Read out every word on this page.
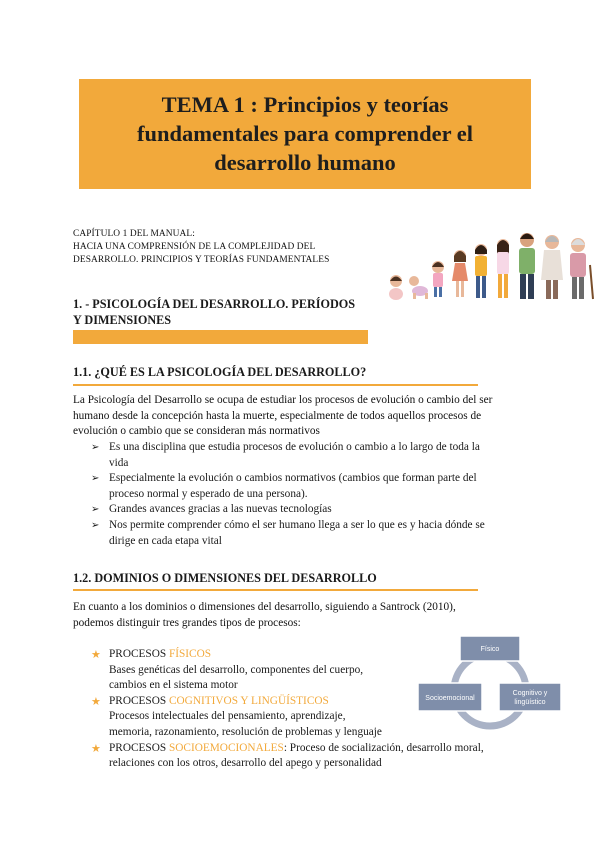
TEMA 1 : Principios y teorías
fundamentales para comprender el
desarrollo humano
CAPÍTULO 1 DEL MANUAL:
HACIA UNA COMPRENSIÓN DE LA COMPLEJIDAD DEL
DESARROLLO. PRINCIPIOS Y TEORÍAS FUNDAMENTALES
1. - PSICOLOGÍA DEL DESARROLLO. PERÍODOS
Y DIMENSIONES
1.1. ¿QUÉ ES LA PSICOLOGÍA DEL DESARROLLO?
La Psicología del Desarrollo se ocupa de estudiar los procesos de evolución o cambio del ser
humano desde la concepción hasta la muerte, especialmente de todos aquellos procesos de
evolución o cambio que se consideran más normativos
➢ Es una disciplina que estudia procesos de evolución o cambio a lo largo de toda la
vida
➢ Especialmente la evolución o cambios normativos (cambios que forman parte del
proceso normal y esperado de una persona).
➢ Grandes avances gracias a las nuevas tecnologías
➢ Nos permite comprender cómo el ser humano llega a ser lo que es y hacia dónde se
dirige en cada etapa vital
1.2. DOMINIOS O DIMENSIONES DEL DESARROLLO
En cuanto a los dominios o dimensiones del desarrollo, siguiendo a Santrock (2010),
podemos distinguir tres grandes tipos de procesos:
★ PROCESOS FÍSICOS
Bases genéticas del desarrollo, componentes del cuerpo,
cambios en el sistema motor
★ PROCESOS COGNITIVOS Y LINGÜÍSTICOS
Procesos intelectuales del pensamiento, aprendizaje,
memoria, razonamiento, resolución de problemas y lenguaje
★ PROCESOS SOCIOEMOCIONALES: Proceso de socialización, desarrollo moral,
relaciones con los otros, desarrollo del apego y personalidad
Físico
Socioemocional
Cognitivo y
lingüístico
